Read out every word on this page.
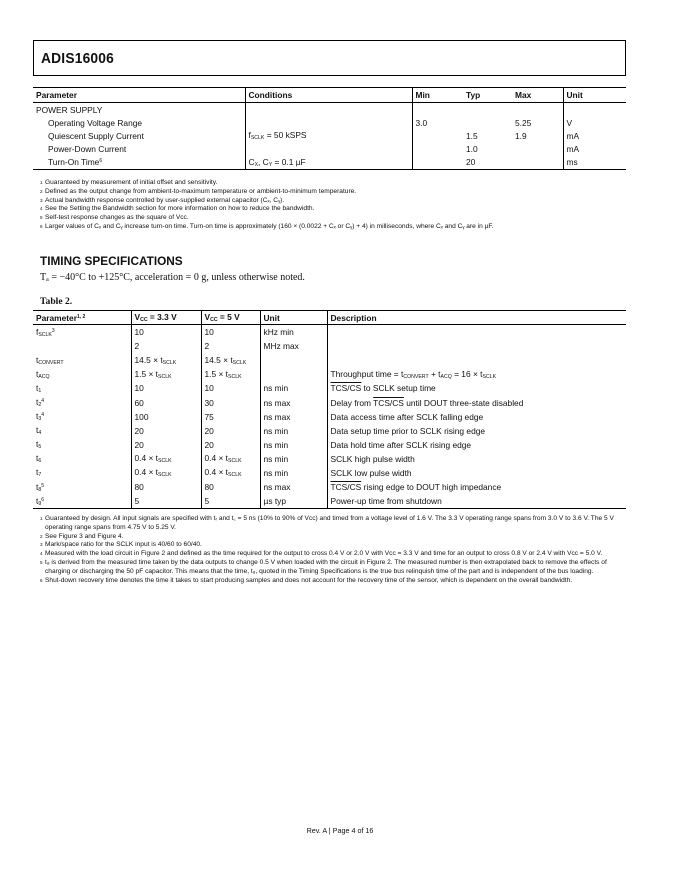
ADIS16006
Parameter	Conditions	Min	Typ	Max	Unit
POWER SUPPLY					
Operating Voltage Range		3.0		5.25	V
Quiescent Supply Current	fSCLK = 50 kSPS		1.5	1.9	mA
Power-Down Current			1.0		mA
Turn-On Time$^6$	CX, CY = 0.1 µF		20		ms
1 Guaranteed by measurement of initial offset and sensitivity.
2 Defined as the output change from ambient-to-maximum temperature or ambient-to-minimum temperature.
3 Actual bandwidth response controlled by user-supplied external capacitor (Cₓ, Cᵧ).
4 See the Setting the Bandwidth section for more information on how to reduce the bandwidth.
5 Self-test response changes as the square of Vcc.
6 Larger values of Cₓ and Cᵧ increase turn-on time. Turn-on time is approximately (160 × (0.0022 + Cₓ or Cᵧ) + 4) in milliseconds, where Cₓ and Cᵧ are in µF.
TIMING SPECIFICATIONS
Tₐ = −40°C to +125°C, acceleration = 0 g, unless otherwise noted.
Table 2.
Parameter$^{1, 2}$	VCC = 3.3 V	VCC = 5 V	Unit	Description
fSCLK$^3$	10	10	kHz min	
	2	2	MHz max	
tCONVERT	14.5 × tSCLK	14.5 × tSCLK		
tACQ	1.5 × tSCLK	1.5 × tSCLK		Throughput time = tCONVERT + tACQ = 16 × tSCLK
t1	10	10	ns min	TCS/CS to SCLK setup time
$t2^4$	60	30	ns max	Delay from TCS/CS until DOUT three-state disabled
$t3^4$	100	75	ns max	Data access time after SCLK falling edge
t4	20	20	ns min	Data setup time prior to SCLK rising edge
t5	20	20	ns min	Data hold time after SCLK rising edge
t6	0.4 × tSCLK	0.4 × tSCLK	ns min	SCLK high pulse width
t7	0.4 × tSCLK	0.4 × tSCLK	ns min	SCLK low pulse width
$t8^5$	80	80	ns max	TCS/CS rising edge to DOUT high impedance
$t9^6$	5	5	µs typ	Power-up time from shutdown
1 Guaranteed by design. All input signals are specified with tᵣ and t꜀ = 5 ns (10% to 90% of Vcc) and timed from a voltage level of 1.6 V. The 3.3 V operating range spans from 3.0 V to 3.6 V. The 5 V operating range spans from 4.75 V to 5.25 V.
2 See Figure 3 and Figure 4.
3 Mark/space ratio for the SCLK input is 40/60 to 60/40.
4 Measured with the load circuit in Figure 2 and defined as the time required for the output to cross 0.4 V or 2.0 V with Vcc = 3.3 V and time for an output to cross 0.8 V or 2.4 V with Vcc = 5.0 V.
5 t₈ is derived from the measured time taken by the data outputs to change 0.5 V when loaded with the circuit in Figure 2. The measured number is then extrapolated back to remove the effects of charging or discharging the 50 pF capacitor. This means that the time, t₈, quoted in the Timing Specifications is the true bus relinquish time of the part and is independent of the bus loading.
6 Shut-down recovery time denotes the time it takes to start producing samples and does not account for the recovery time of the sensor, which is dependent on the overall bandwidth.
Rev. A | Page 4 of 16
